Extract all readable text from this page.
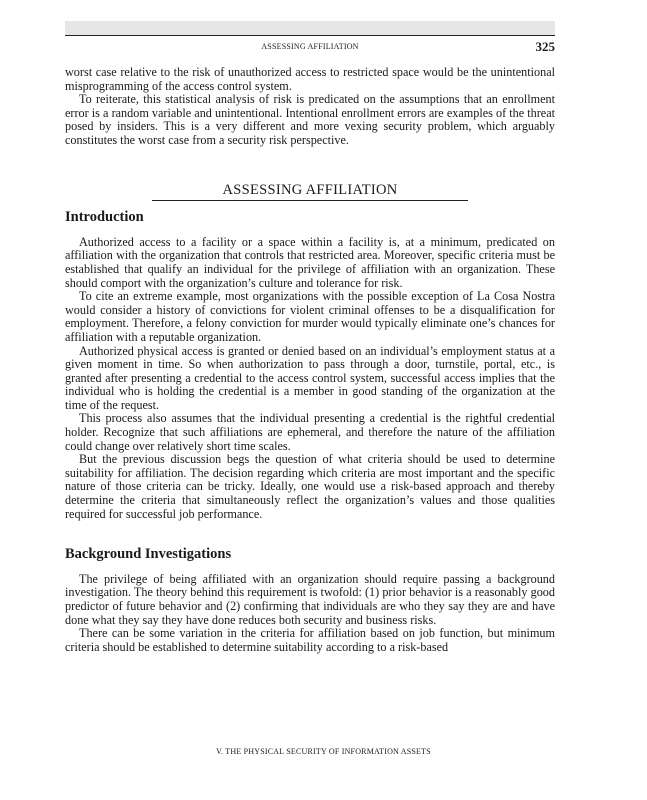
ASSESSING AFFILIATION	325

worst case relative to the risk of unauthorized access to restricted space would be the unintentional misprogramming of the access control system.

To reiterate, this statistical analysis of risk is predicated on the assumptions that an enrollment error is a random variable and unintentional. Intentional enrollment errors are examples of the threat posed by insiders. This is a very different and more vexing security problem, which arguably constitutes the worst case from a security risk perspective.

ASSESSING AFFILIATION
Introduction

Authorized access to a facility or a space within a facility is, at a minimum, predicated on affiliation with the organization that controls that restricted area. Moreover, specific criteria must be established that qualify an individual for the privilege of affiliation with an organization. These should comport with the organization’s culture and tolerance for risk.

To cite an extreme example, most organizations with the possible exception of La Cosa Nostra would consider a history of convictions for violent criminal offenses to be a disqualification for employment. Therefore, a felony conviction for murder would typically eliminate one’s chances for affiliation with a reputable organization.

Authorized physical access is granted or denied based on an individual’s employment status at a given moment in time. So when authorization to pass through a door, turnstile, portal, etc., is granted after presenting a credential to the access control system, successful access implies that the individual who is holding the credential is a member in good standing of the organization at the time of the request.

This process also assumes that the individual presenting a credential is the rightful credential holder. Recognize that such affiliations are ephemeral, and therefore the nature of the affiliation could change over relatively short time scales.

But the previous discussion begs the question of what criteria should be used to determine suitability for affiliation. The decision regarding which criteria are most important and the specific nature of those criteria can be tricky. Ideally, one would use a risk-based approach and thereby determine the criteria that simultaneously reflect the organization’s values and those qualities required for successful job performance.

Background Investigations

The privilege of being affiliated with an organization should require passing a background investigation. The theory behind this requirement is twofold: (1) prior behavior is a reasonably good predictor of future behavior and (2) confirming that individuals are who they say they are and have done what they say they have done reduces both security and business risks.

There can be some variation in the criteria for affiliation based on job function, but minimum criteria should be established to determine suitability according to a risk-based

V. THE PHYSICAL SECURITY OF INFORMATION ASSETS
